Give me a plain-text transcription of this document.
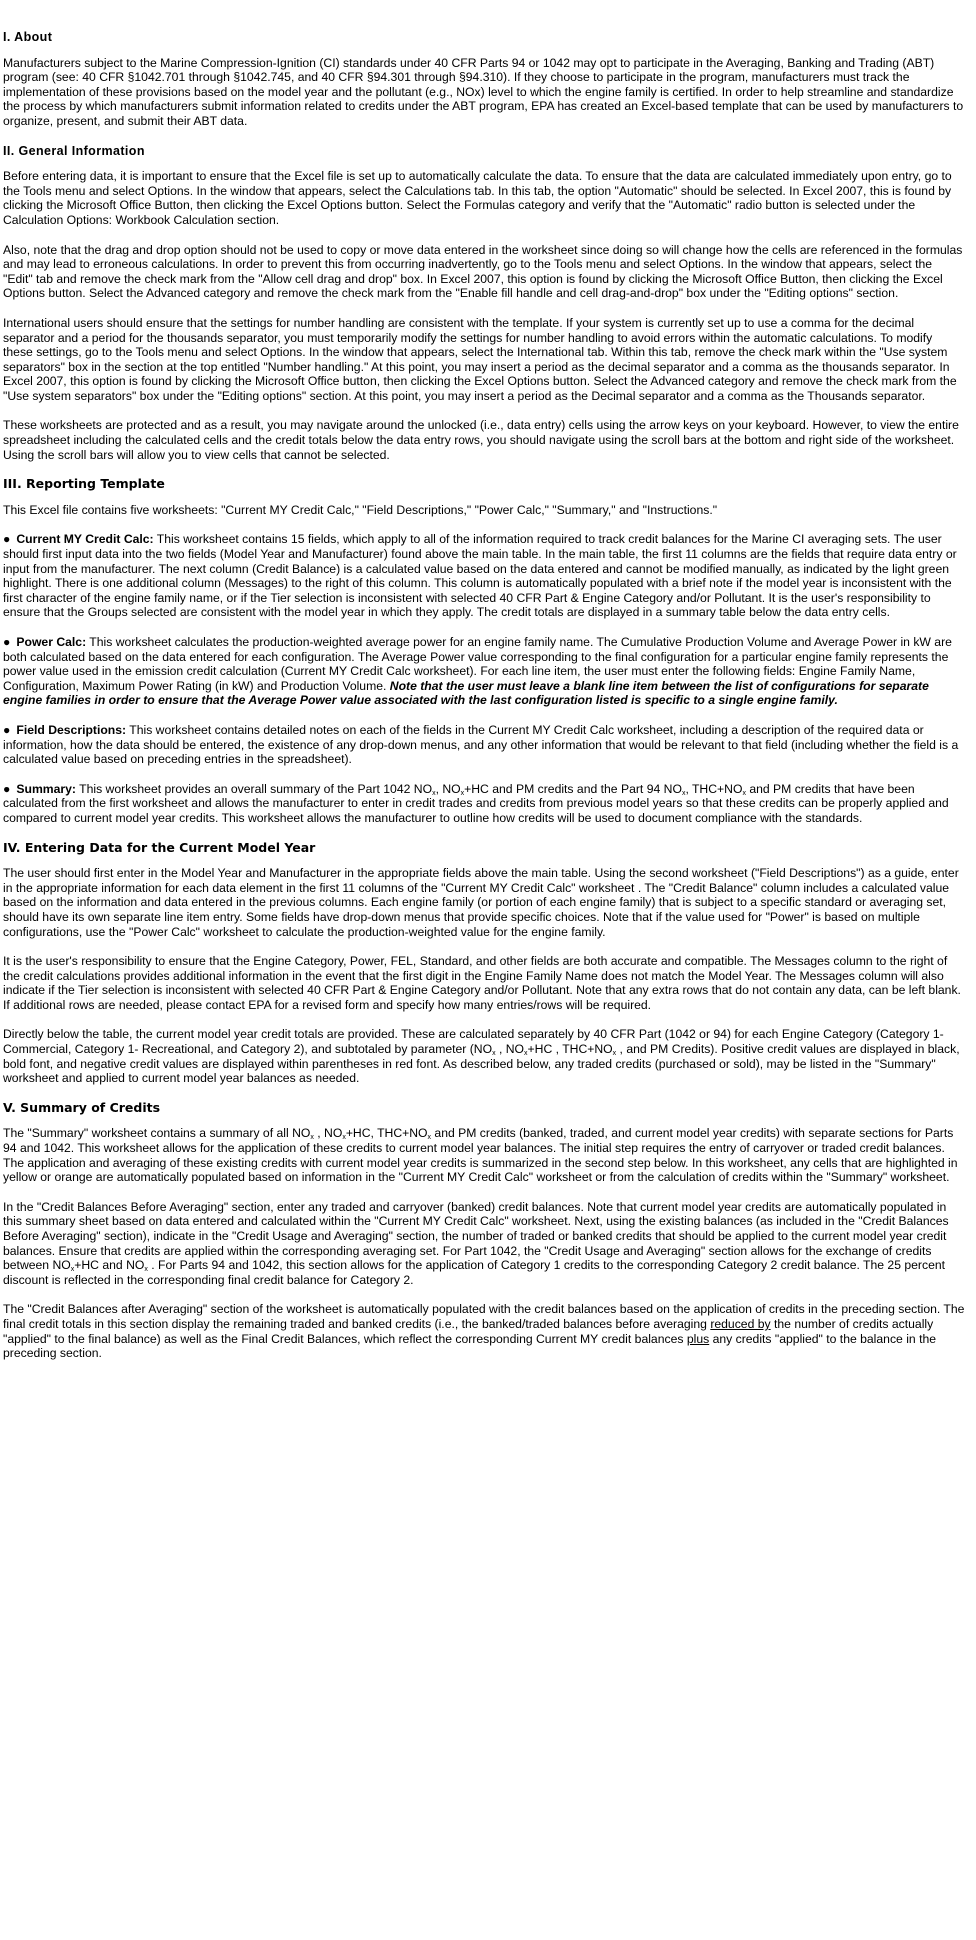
I. About

Manufacturers subject to the Marine Compression-Ignition (CI) standards under 40 CFR Parts 94 or 1042 may opt to participate in the Averaging, Banking and Trading (ABT) program (see: 40 CFR §1042.701 through §1042.745, and 40 CFR §94.301 through §94.310). If they choose to participate in the program, manufacturers must track the implementation of these provisions based on the model year and the pollutant (e.g., NOx) level to which the engine family is certified. In order to help streamline and standardize the process by which manufacturers submit information related to credits under the ABT program, EPA has created an Excel-based template that can be used by manufacturers to organize, present, and submit their ABT data.

II. General Information

Before entering data, it is important to ensure that the Excel file is set up to automatically calculate the data. To ensure that the data are calculated immediately upon entry, go to the Tools menu and select Options. In the window that appears, select the Calculations tab. In this tab, the option "Automatic" should be selected. In Excel 2007, this is found by clicking the Microsoft Office Button, then clicking the Excel Options button. Select the Formulas category and verify that the "Automatic" radio button is selected under the Calculation Options: Workbook Calculation section.

Also, note that the drag and drop option should not be used to copy or move data entered in the worksheet since doing so will change how the cells are referenced in the formulas and may lead to erroneous calculations. In order to prevent this from occurring inadvertently, go to the Tools menu and select Options. In the window that appears, select the "Edit" tab and remove the check mark from the "Allow cell drag and drop" box. In Excel 2007, this option is found by clicking the Microsoft Office Button, then clicking the Excel Options button. Select the Advanced category and remove the check mark from the "Enable fill handle and cell drag-and-drop" box under the "Editing options" section.

International users should ensure that the settings for number handling are consistent with the template. If your system is currently set up to use a comma for the decimal separator and a period for the thousands separator, you must temporarily modify the settings for number handling to avoid errors within the automatic calculations. To modify these settings, go to the Tools menu and select Options. In the window that appears, select the International tab. Within this tab, remove the check mark within the "Use system separators" box in the section at the top entitled "Number handling." At this point, you may insert a period as the decimal separator and a comma as the thousands separator. In Excel 2007, this option is found by clicking the Microsoft Office button, then clicking the Excel Options button. Select the Advanced category and remove the check mark from the "Use system separators" box under the "Editing options" section. At this point, you may insert a period as the Decimal separator and a comma as the Thousands separator.

These worksheets are protected and as a result, you may navigate around the unlocked (i.e., data entry) cells using the arrow keys on your keyboard. However, to view the entire spreadsheet including the calculated cells and the credit totals below the data entry rows, you should navigate using the scroll bars at the bottom and right side of the worksheet. Using the scroll bars will allow you to view cells that cannot be selected.

III. Reporting Template

This Excel file contains five worksheets: "Current MY Credit Calc," "Field Descriptions," "Power Calc," "Summary," and "Instructions."

● Current MY Credit Calc: This worksheet contains 15 fields, which apply to all of the information required to track credit balances for the Marine CI averaging sets. The user should first input data into the two fields (Model Year and Manufacturer) found above the main table. In the main table, the first 11 columns are the fields that require data entry or input from the manufacturer. The next column (Credit Balance) is a calculated value based on the data entered and cannot be modified manually, as indicated by the light green highlight. There is one additional column (Messages) to the right of this column. This column is automatically populated with a brief note if the model year is inconsistent with the first character of the engine family name, or if the Tier selection is inconsistent with selected 40 CFR Part & Engine Category and/or Pollutant. It is the user's responsibility to ensure that the Groups selected are consistent with the model year in which they apply. The credit totals are displayed in a summary table below the data entry cells.

● Power Calc: This worksheet calculates the production-weighted average power for an engine family name. The Cumulative Production Volume and Average Power in kW are both calculated based on the data entered for each configuration. The Average Power value corresponding to the final configuration for a particular engine family represents the power value used in the emission credit calculation (Current MY Credit Calc worksheet). For each line item, the user must enter the following fields: Engine Family Name, Configuration, Maximum Power Rating (in kW) and Production Volume. Note that the user must leave a blank line item between the list of configurations for separate engine families in order to ensure that the Average Power value associated with the last configuration listed is specific to a single engine family.

● Field Descriptions: This worksheet contains detailed notes on each of the fields in the Current MY Credit Calc worksheet, including a description of the required data or information, how the data should be entered, the existence of any drop-down menus, and any other information that would be relevant to that field (including whether the field is a calculated value based on preceding entries in the spreadsheet).

● Summary: This worksheet provides an overall summary of the Part 1042 $NO_x$, $NO_x+HC$ and PM credits and the Part 94 $NO_x$, $THC+NO_x$ and PM credits that have been calculated from the first worksheet and allows the manufacturer to enter in credit trades and credits from previous model years so that these credits can be properly applied and compared to current model year credits. This worksheet allows the manufacturer to outline how credits will be used to document compliance with the standards.

IV. Entering Data for the Current Model Year

The user should first enter in the Model Year and Manufacturer in the appropriate fields above the main table. Using the second worksheet ("Field Descriptions") as a guide, enter in the appropriate information for each data element in the first 11 columns of the "Current MY Credit Calc" worksheet . The "Credit Balance" column includes a calculated value based on the information and data entered in the previous columns. Each engine family (or portion of each engine family) that is subject to a specific standard or averaging set, should have its own separate line item entry. Some fields have drop-down menus that provide specific choices. Note that if the value used for "Power" is based on multiple configurations, use the "Power Calc" worksheet to calculate the production-weighted value for the engine family.

It is the user's responsibility to ensure that the Engine Category, Power, FEL, Standard, and other fields are both accurate and compatible. The Messages column to the right of the credit calculations provides additional information in the event that the first digit in the Engine Family Name does not match the Model Year. The Messages column will also indicate if the Tier selection is inconsistent with selected 40 CFR Part & Engine Category and/or Pollutant. Note that any extra rows that do not contain any data, can be left blank. If additional rows are needed, please contact EPA for a revised form and specify how many entries/rows will be required.

Directly below the table, the current model year credit totals are provided. These are calculated separately by 40 CFR Part (1042 or 94) for each Engine Category (Category 1- Commercial, Category 1- Recreational, and Category 2), and subtotaled by parameter ($NO_x$ , $NO_x+HC$ , $THC+NO_x$ , and PM Credits). Positive credit values are displayed in black, bold font, and negative credit values are displayed within parentheses in red font. As described below, any traded credits (purchased or sold), may be listed in the "Summary" worksheet and applied to current model year balances as needed.

V. Summary of Credits

The "Summary" worksheet contains a summary of all $NO_x$ , $NO_x+HC$, $THC+NO_x$ and PM credits (banked, traded, and current model year credits) with separate sections for Parts 94 and 1042. This worksheet allows for the application of these credits to current model year balances. The initial step requires the entry of carryover or traded credit balances. The application and averaging of these existing credits with current model year credits is summarized in the second step below. In this worksheet, any cells that are highlighted in yellow or orange are automatically populated based on information in the "Current MY Credit Calc" worksheet or from the calculation of credits within the "Summary" worksheet.

In the "Credit Balances Before Averaging" section, enter any traded and carryover (banked) credit balances. Note that current model year credits are automatically populated in this summary sheet based on data entered and calculated within the "Current MY Credit Calc" worksheet. Next, using the existing balances (as included in the "Credit Balances Before Averaging" section), indicate in the "Credit Usage and Averaging" section, the number of traded or banked credits that should be applied to the current model year credit balances. Ensure that credits are applied within the corresponding averaging set. For Part 1042, the "Credit Usage and Averaging" section allows for the exchange of credits between $NO_x+HC$ and $NO_x$ . For Parts 94 and 1042, this section allows for the application of Category 1 credits to the corresponding Category 2 credit balance. The 25 percent discount is reflected in the corresponding final credit balance for Category 2.

The "Credit Balances after Averaging" section of the worksheet is automatically populated with the credit balances based on the application of credits in the preceding section. The final credit totals in this section display the remaining traded and banked credits (i.e., the banked/traded balances before averaging reduced by the number of credits actually "applied" to the final balance) as well as the Final Credit Balances, which reflect the corresponding Current MY credit balances plus any credits "applied" to the balance in the preceding section.
